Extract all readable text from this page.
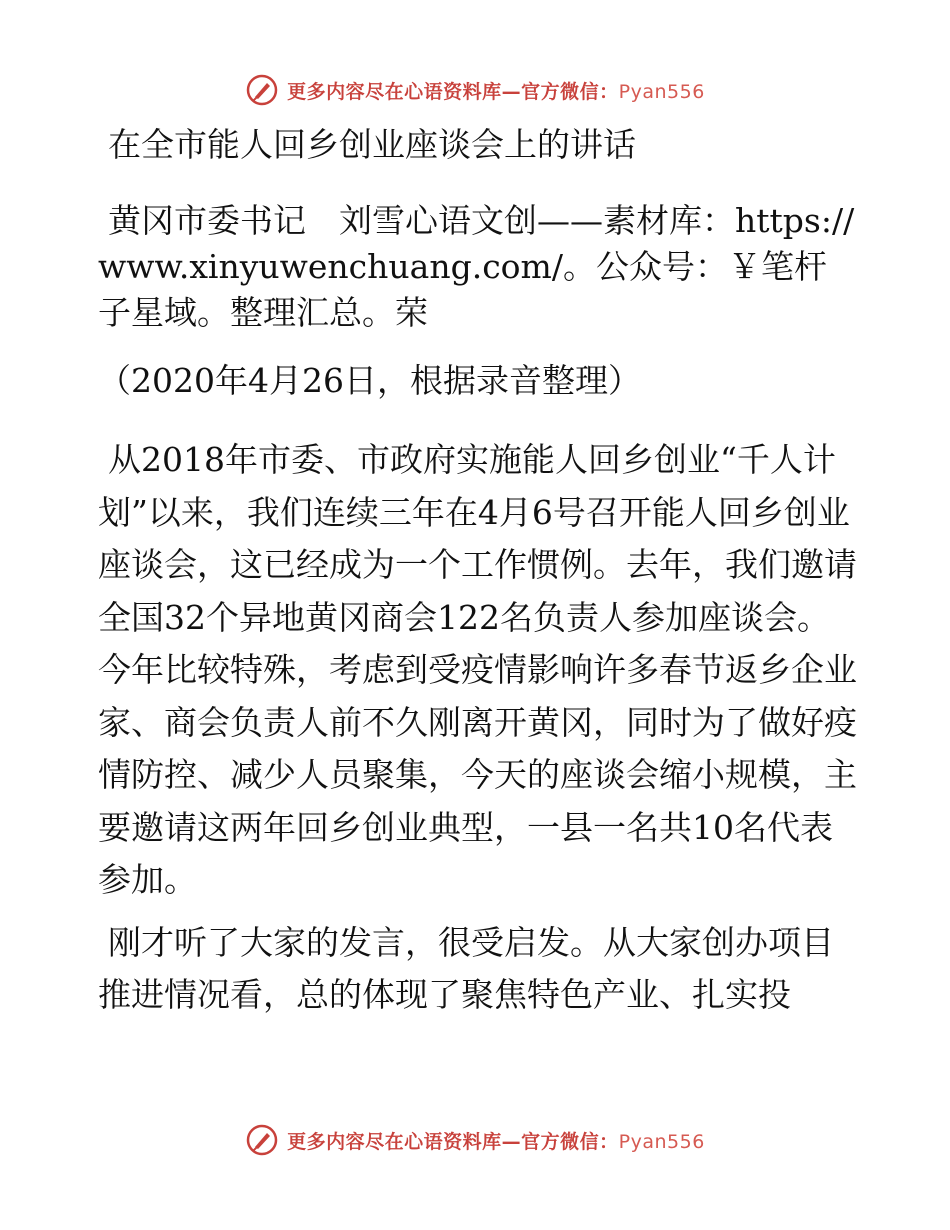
更多内容尽在心语资料库—官方微信：Pyan556

在全市能人回乡创业座谈会上的讲话

黄冈市委书记　刘雪心语文创——素材库：https://www.xinyuwenchuang.com/。公众号：￥笔杆子星域。整理汇总。荣

（2020年4月26日，根据录音整理）

从2018年市委、市政府实施能人回乡创业“千人计划”以来，我们连续三年在4月6号召开能人回乡创业座谈会，这已经成为一个工作惯例。去年，我们邀请全国32个异地黄冈商会122名负责人参加座谈会。今年比较特殊，考虑到受疫情影响许多春节返乡企业家、商会负责人前不久刚离开黄冈，同时为了做好疫情防控、减少人员聚集，今天的座谈会缩小规模，主要邀请这两年回乡创业典型，一县一名共10名代表参加。

刚才听了大家的发言，很受启发。从大家创办项目推进情况看，总的体现了聚焦特色产业、扎实投

更多内容尽在心语资料库—官方微信：Pyan556
